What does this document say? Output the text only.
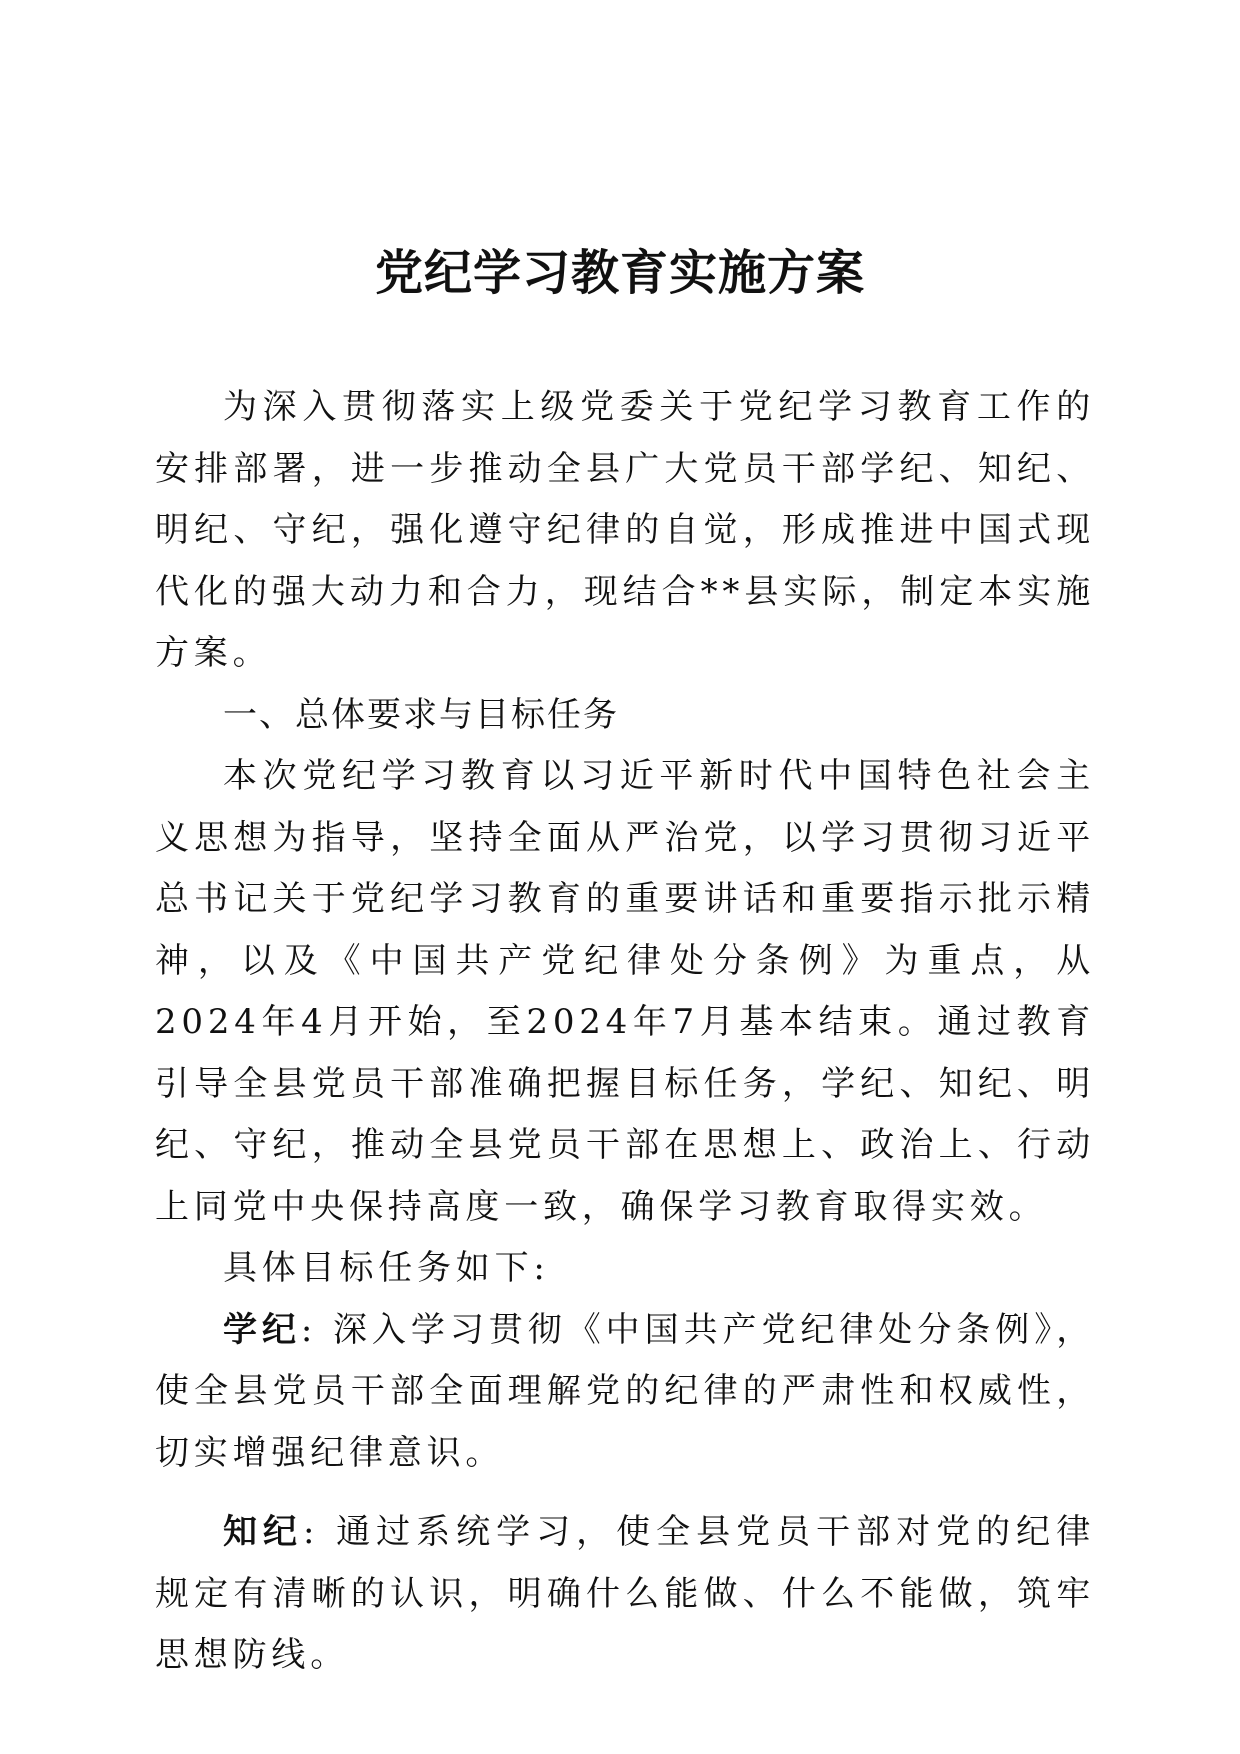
党纪学习教育实施方案

为深入贯彻落实上级党委关于党纪学习教育工作的安排部署，进一步推动全县广大党员干部学纪、知纪、明纪、守纪，强化遵守纪律的自觉，形成推进中国式现代化的强大动力和合力，现结合**县实际，制定本实施方案。

一、总体要求与目标任务

本次党纪学习教育以习近平新时代中国特色社会主义思想为指导，坚持全面从严治党，以学习贯彻习近平总书记关于党纪学习教育的重要讲话和重要指示批示精神，以及《中国共产党纪律处分条例》为重点，从2024年4月开始，至2024年7月基本结束。通过教育引导全县党员干部准确把握目标任务，学纪、知纪、明纪、守纪，推动全县党员干部在思想上、政治上、行动上同党中央保持高度一致，确保学习教育取得实效。

具体目标任务如下:

学纪: 深入学习贯彻《中国共产党纪律处分条例》，使全县党员干部全面理解党的纪律的严肃性和权威性，切实增强纪律意识。

知纪: 通过系统学习，使全县党员干部对党的纪律规定有清晰的认识，明确什么能做、什么不能做，筑牢思想防线。
